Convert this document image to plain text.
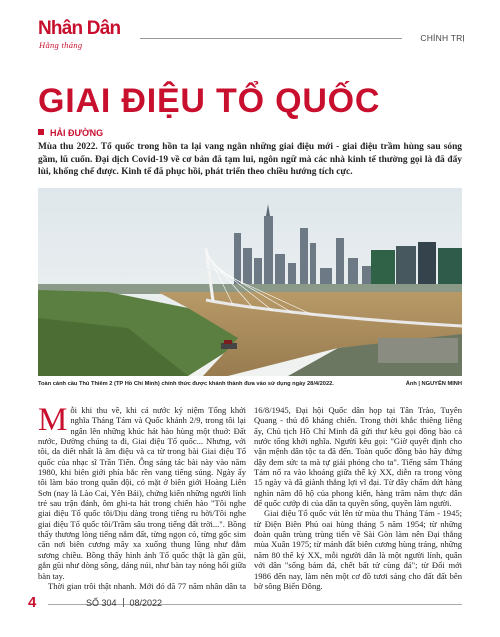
Nhân Dân
Hằng tháng
CHÍNH TRỊ
GIAI ĐIỆU TỔ QUỐC
HẢI ĐƯỜNG

Mùa thu 2022. Tổ quốc trong hồn ta lại vang ngân những giai điệu mới - giai điệu trầm hùng sau sóng gầm, lũ cuốn. Đại dịch Covid-19 về cơ bản đã tạm lui, ngôn ngữ mà các nhà kinh tế thường gọi là đã đẩy lùi, khống chế được. Kinh tế đã phục hồi, phát triển theo chiều hướng tích cực.

Toàn cảnh cầu Thủ Thiêm 2 (TP Hồ Chí Minh) chính thức được khánh thành đưa vào sử dụng ngày 28/4/2022.	Ảnh | NGUYỄN MINH

Mỗi khi thu về, khi cả nước kỷ niệm Tổng khởi nghĩa Tháng Tám và Quốc khánh 2/9, trong tôi lại ngân lên những khúc hát hào hùng một thuở: Đất nước, Đường chúng ta đi, Giai điệu Tổ quốc... Nhưng, với tôi, da diết nhất là âm điệu và ca từ trong bài Giai điệu Tổ quốc của nhạc sĩ Trần Tiến. Ông sáng tác bài này vào năm 1980, khi biên giới phía bắc rền vang tiếng súng. Ngày ấy tôi làm báo trong quân đội, có mặt ở biên giới Hoàng Liên Sơn (nay là Lào Cai, Yên Bái), chứng kiến những người lính trẻ sau trận đánh, ôm ghi-ta hát trong chiến hào "Tôi nghe giai điệu Tổ quốc tôi/Dịu dàng trong tiếng ru hời/Tôi nghe giai điệu Tổ quốc tôi/Trầm sâu trong tiếng đất trời...". Bồng thấy thương lòng tiếng nắm đất, từng ngọn cỏ, từng gốc sim căn nơi biên cương mây xa xuống thung lũng như đắm sương chiều. Bồng thấy hình ảnh Tổ quốc thật là gần gũi, gắn gũi như dòng sông, dáng núi, như bàn tay nóng hổi giữa bàn tay.

Thời gian trôi thật nhanh. Mới đó đã 77 năm nhân dân ta

16/8/1945, Đại hội Quốc dân họp tại Tân Trào, Tuyên Quang - thủ đô kháng chiến. Trong thời khắc thiêng liêng ấy, Chủ tịch Hồ Chí Minh đã gửi thư kêu gọi đồng bào cả nước tổng khởi nghĩa. Người kêu gọi: "Giờ quyết định cho vận mệnh dân tộc ta đã đến. Toàn quốc đồng bào hãy đứng dậy đem sức ta mà tự giải phóng cho ta". Tiếng sấm Tháng Tám nổ ra vào khoảng giữa thế kỷ XX, diễn ra trong vòng 15 ngày và đã giành thắng lợi vĩ đại. Từ đây chấm dứt hàng nghìn năm đô hộ của phong kiến, hàng trăm năm thực dân để quốc cướp đi của dân ta quyền sống, quyền làm người.

Giai điệu Tổ quốc vút lên từ mùa thu Tháng Tám - 1945; từ Điện Biên Phủ oai hùng tháng 5 năm 1954; từ những đoàn quân trùng trùng tiến về Sài Gòn làm nên Đại thắng mùa Xuân 1975; từ mảnh đất biên cương hùng tráng, những năm 80 thế kỷ XX, mỗi người dân là một người lính, quân với dân "sống bám đá, chết bất tử cùng đá"; từ Đổi mới 1986 đến nay, làm nên một cơ đồ tươi sáng cho đất đất bên bờ sông Biển Đông.

4	SỐ 304 08/2022
